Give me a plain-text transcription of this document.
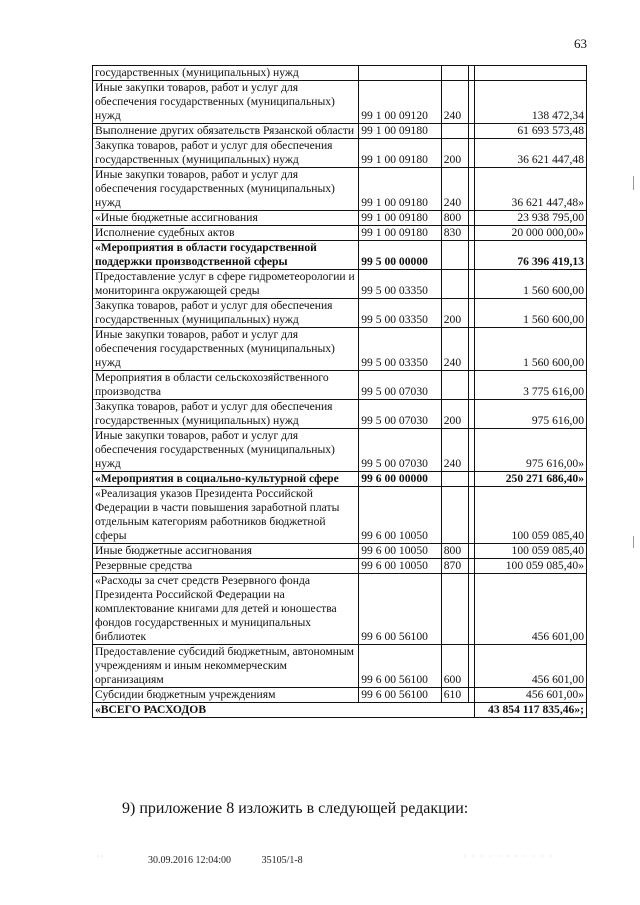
63
государственных (муниципальных) нужд				
Иные закупки товаров, работ и услуг для обеспечения государственных (муниципальных) нужд	99 1 00 09120	240		138 472,34
Выполнение других обязательств Рязанской области	99 1 00 09180			61 693 573,48
Закупка товаров, работ и услуг для обеспечения государственных (муниципальных) нужд	99 1 00 09180	200		36 621 447,48
Иные закупки товаров, работ и услуг для обеспечения государственных (муниципальных) нужд	99 1 00 09180	240		36 621 447,48»
«Иные бюджетные ассигнования	99 1 00 09180	800		23 938 795,00
Исполнение судебных актов	99 1 00 09180	830		20 000 000,00»
«Мероприятия в области государственной поддержки производственной сферы	99 5 00 00000			76 396 419,13
Предоставление услуг в сфере гидрометеорологии и мониторинга окружающей среды	99 5 00 03350			1 560 600,00
Закупка товаров, работ и услуг для обеспечения государственных (муниципальных) нужд	99 5 00 03350	200		1 560 600,00
Иные закупки товаров, работ и услуг для обеспечения государственных (муниципальных) нужд	99 5 00 03350	240		1 560 600,00
Мероприятия в области сельскохозяйственного производства	99 5 00 07030			3 775 616,00
Закупка товаров, работ и услуг для обеспечения государственных (муниципальных) нужд	99 5 00 07030	200		975 616,00
Иные закупки товаров, работ и услуг для обеспечения государственных (муниципальных) нужд	99 5 00 07030	240		975 616,00»
«Мероприятия в социально-культурной сфере	99 6 00 00000			250 271 686,40»
«Реализация указов Президента Российской Федерации в части повышения заработной платы отдельным категориям работников бюджетной сферы	99 6 00 10050			100 059 085,40
Иные бюджетные ассигнования	99 6 00 10050	800		100 059 085,40
Резервные средства	99 6 00 10050	870		100 059 085,40»
«Расходы за счет средств Резервного фонда Президента Российской Федерации на комплектование книгами для детей и юношества фондов государственных и муниципальных библиотек	99 6 00 56100			456 601,00
Предоставление субсидий бюджетным, автономным учреждениям и иным некоммерческим организациям	99 6 00 56100	600		456 601,00
Субсидии бюджетным учреждениям	99 6 00 56100	610		456 601,00»
«ВСЕГО РАСХОДОВ				43 854 117 835,46»;
9) приложение 8 изложить в следующей редакции:
· ·	30.09.2016 12:04:00	35105/1-8	· · · · · · · · · · ·
